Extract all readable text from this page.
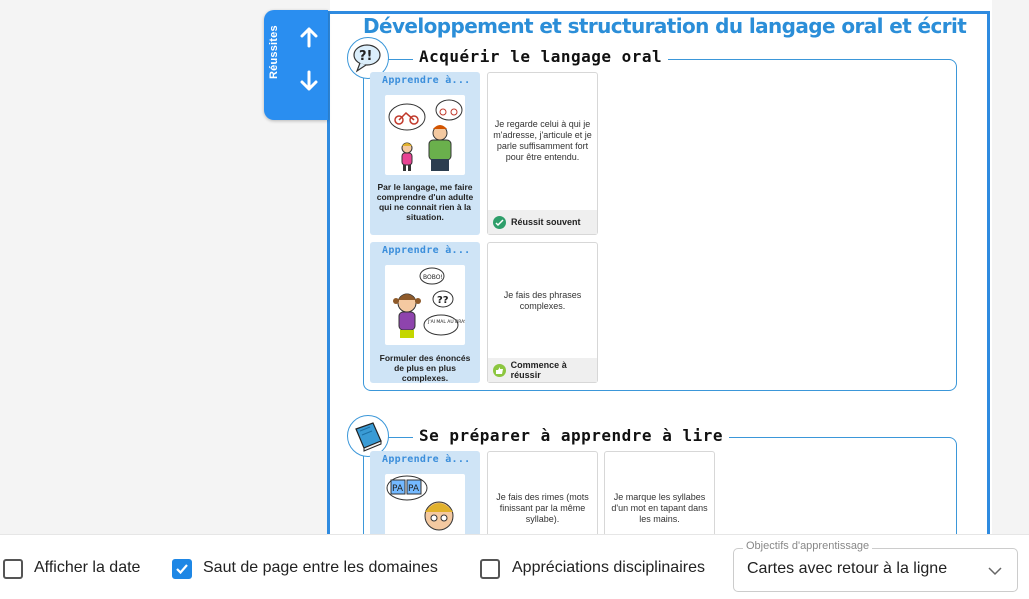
Réussites	Développement et structuration du langage oral et écrit
?!	Acquérir le langage oral
Apprendre à...
Par le langage, me faire comprendre d'un adulte qui ne connait rien à la situation.
Je regarde celui à qui je m'adresse, j'articule et je parle suffisamment fort pour être entendu.
Réussit souvent
Apprendre à...
BOBO!
??
J'AI MAL AU BRAS!
Formuler des énoncés de plus en plus complexes.
Je fais des phrases complexes.
Commence à réussir
Se préparer à apprendre à lire
Apprendre à...
PA PA
Je fais des rimes (mots finissant par la même syllabe).
Je marque les syllabes d'un mot en tapant dans les mains.
Afficher la date	Saut de page entre les domaines	Appréciations disciplinaires
Objectifs d'apprentissage
Cartes avec retour à la ligne
